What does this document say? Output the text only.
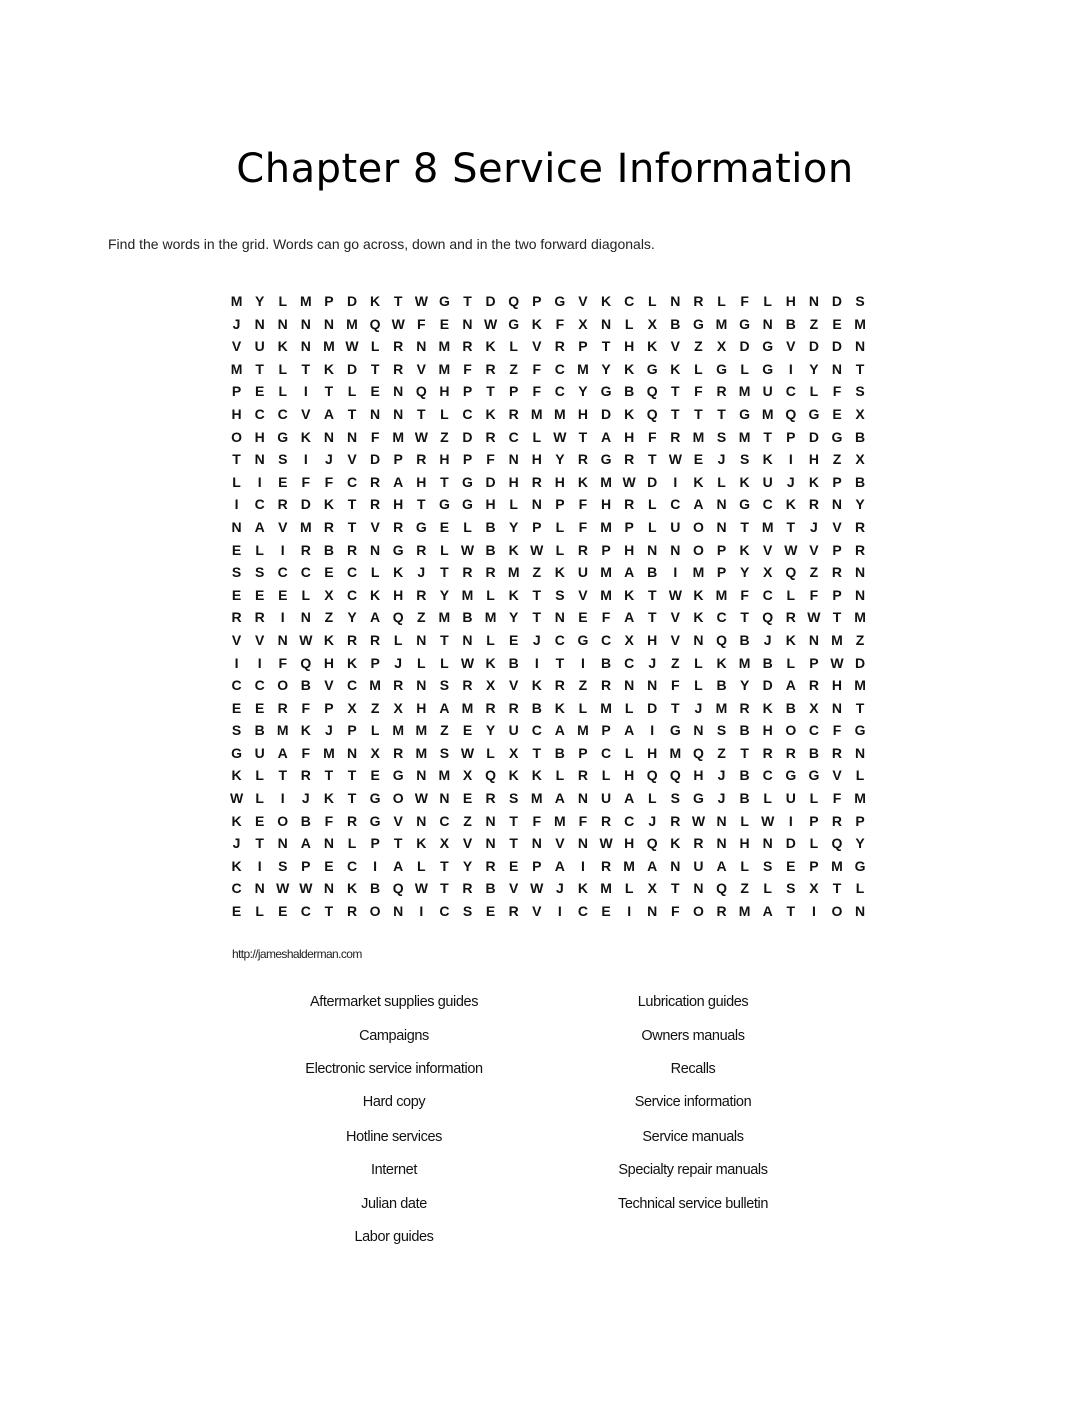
Chapter 8 Service Information
Find the words in the grid. Words can go across, down and in the two forward diagonals.
M Y	L M P D K T W G T D Q P G V K C L N R L	F	L H N D S
J	N N N N M Q W F	E N W G K F	X N L	X B G M G N B Z	E M
V U K N M W L R N M R K L	V R P	T H K V	Z	X D G V D D N
M T	L	T K D T R V M F R Z	F C M Y K G K L G L G	I	Y N T
P E	L	I	T	L	E N Q H P	T	P	F C Y G B Q T	F R M U C L	F	S
H C C V A T N N T	L C K R M M H D K Q T	T	T G M Q G E X
O H G K N N F M W Z D R C L W T A H F R M S M T	P D G B
T N S	I	J	V D P R H P	F N H Y R G R T W E	J	S K	I	H Z	X
L	I	E	F	F C R A H T G D H R H K M W D	I	K L K U	J	K P B
I	C R D K T R H T G G H L N P	F H R L C A N G C K R N Y
N A V M R T	V R G E	L B Y P	L	F M P	L U O N T M T	J	V R
E	L	I	R B R N G R L W B K W L R P H N N O P K V W V P R
S S C C E C L K	J	T R R M Z K U M A B	I	M P Y X Q Z R N
E E E	L	X C K H R Y M L K T	S V M K T W K M F C L	F	P N
R R	I	N Z	Y A Q Z M B M Y	T N E	F A T	V K C T Q R W T M
V V N W K R R L N T N L	E	J	C G C X H V N Q B	J	K N M Z
I	I	F Q H K P	J	L	L W K B	I	T	I	B C	J	Z	L K M B L	P W D
C C O B V C M R N S R X V K R Z R N N F	L B Y D A R H M
E E R F	P X	Z	X H A M R R B K L M L D T	J M R K B X N T
S B M K	J	P	L M M Z	E Y U C A M P A	I	G N S B H O C F G
G U A F M N X R M S W L	X	T B P C L H M Q Z	T R R B R N
K L	T R T	T	E G N M X Q K K L R L H Q Q H	J	B C G G V	L
W L	I	J	K T G O W N E R S M A N U A L	S G J	B L U L	F M
K E O B F R G V N C Z N T	F M F R C	J	R W N L W	I	P R P
J	T N A N L	P	T K X V N T N V N W H Q K R N H N D L Q Y
K	I	S P E C	I	A L	T	Y R E P A	I	R M A N U A L	S E P M G
C N W W N K B Q W T R B V W J	K M L	X	T N Q Z	L	S X	T	L
E	L	E C T R O N	I	C S E R V	I	C E	I	N F O R M A T	I	O N
http://jameshalderman.com
Aftermarket supplies guides
Campaigns
Electronic service information
Hard copy
Hotline services
Internet
Julian date
Labor guides
Lubrication guides
Owners manuals
Recalls
Service information
Service manuals
Specialty repair manuals
Technical service bulletin
